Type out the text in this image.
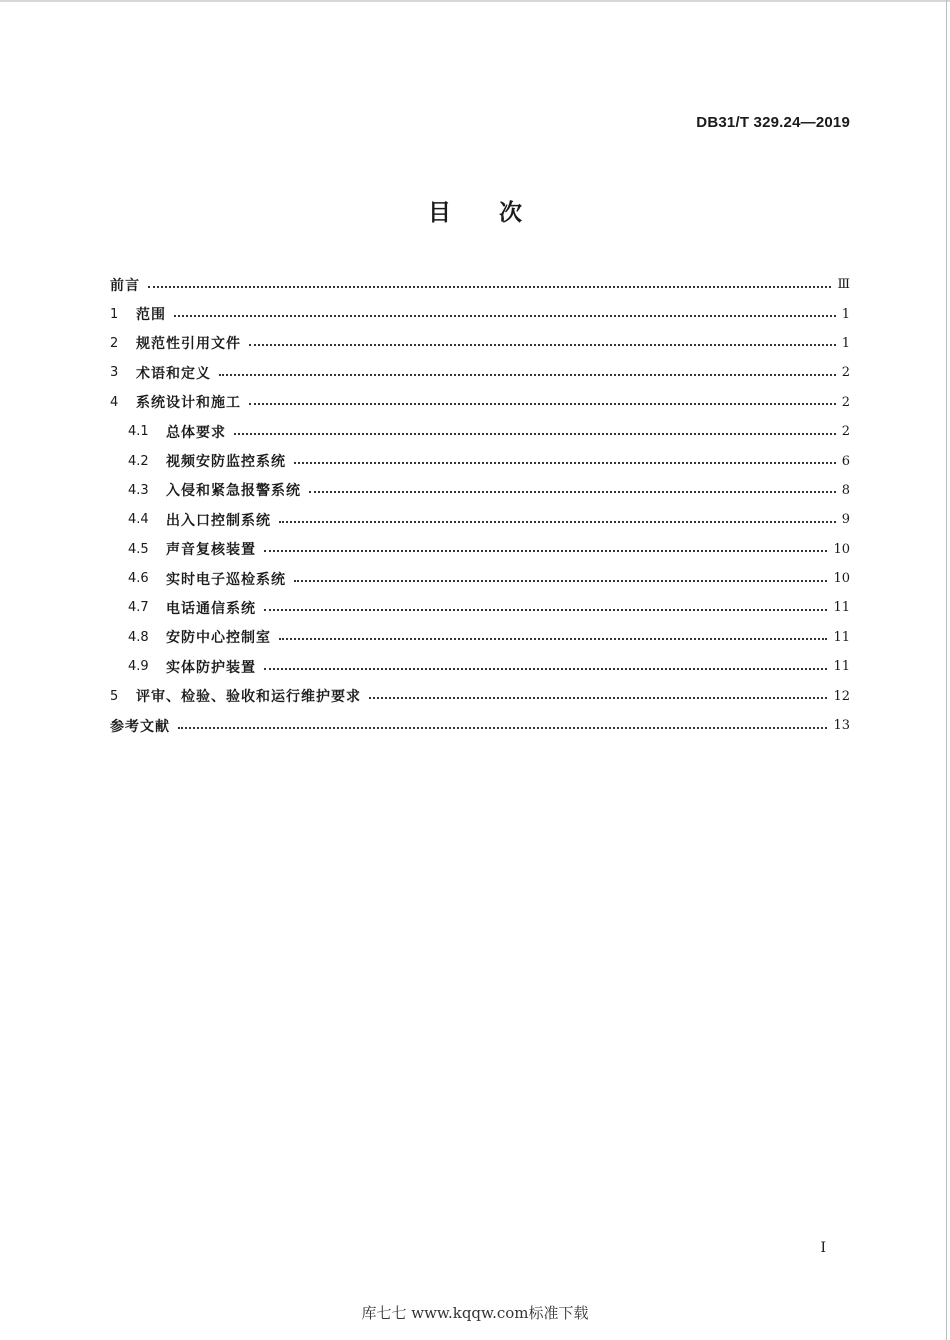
DB31/T 329.24—2019
目 次
前言	Ⅲ
1	范围	1
2	规范性引用文件	1
3	术语和定义	2
4	系统设计和施工	2
4.1	总体要求	2
4.2	视频安防监控系统	6
4.3	入侵和紧急报警系统	8
4.4	出入口控制系统	9
4.5	声音复核装置	10
4.6	实时电子巡检系统	10
4.7	电话通信系统	11
4.8	安防中心控制室	11
4.9	实体防护装置	11
5	评审、检验、验收和运行维护要求	12
参考文献	13
I
库七七 www.kqqw.com标准下载
